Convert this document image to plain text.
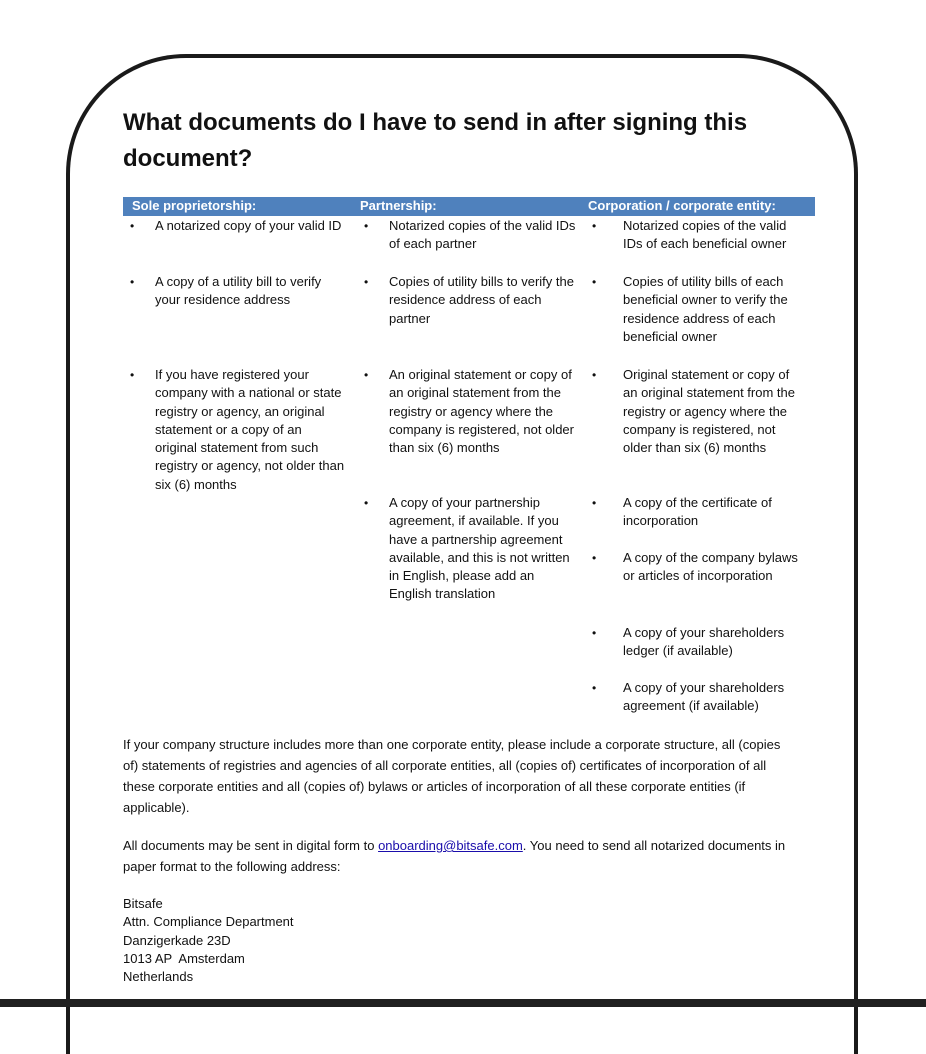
What documents do I have to send in after signing this document?
Sole proprietorship:	Partnership:	Corporation / corporate entity:
• A notarized copy of your valid ID
• A copy of a utility bill to verify your residence address
• If you have registered your company with a national or state registry or agency, an original statement or a copy of an original statement from such registry or agency, not older than six (6) months
• Notarized copies of the valid IDs of each partner
• Copies of utility bills to verify the residence address of each partner
• An original statement or copy of an original statement from the registry or agency where the company is registered, not older than six (6) months
• A copy of your partnership agreement, if available. If you have a partnership agreement available, and this is not written in English, please add an English translation
• Notarized copies of the valid IDs of each beneficial owner
• Copies of utility bills of each beneficial owner to verify the residence address of each beneficial owner
• Original statement or copy of an original statement from the registry or agency where the company is registered, not older than six (6) months
• A copy of the certificate of incorporation
• A copy of the company bylaws or articles of incorporation
• A copy of your shareholders ledger (if available)
• A copy of your shareholders agreement (if available)

If your company structure includes more than one corporate entity, please include a corporate structure, all (copies of) statements of registries and agencies of all corporate entities, all (copies of) certificates of incorporation of all these corporate entities and all (copies of) bylaws or articles of incorporation of all these corporate entities (if applicable).

All documents may be sent in digital form to onboarding@bitsafe.com. You need to send all notarized documents in paper format to the following address:

Bitsafe
Attn. Compliance Department
Danzigerkade 23D
1013 AP  Amsterdam
Netherlands
